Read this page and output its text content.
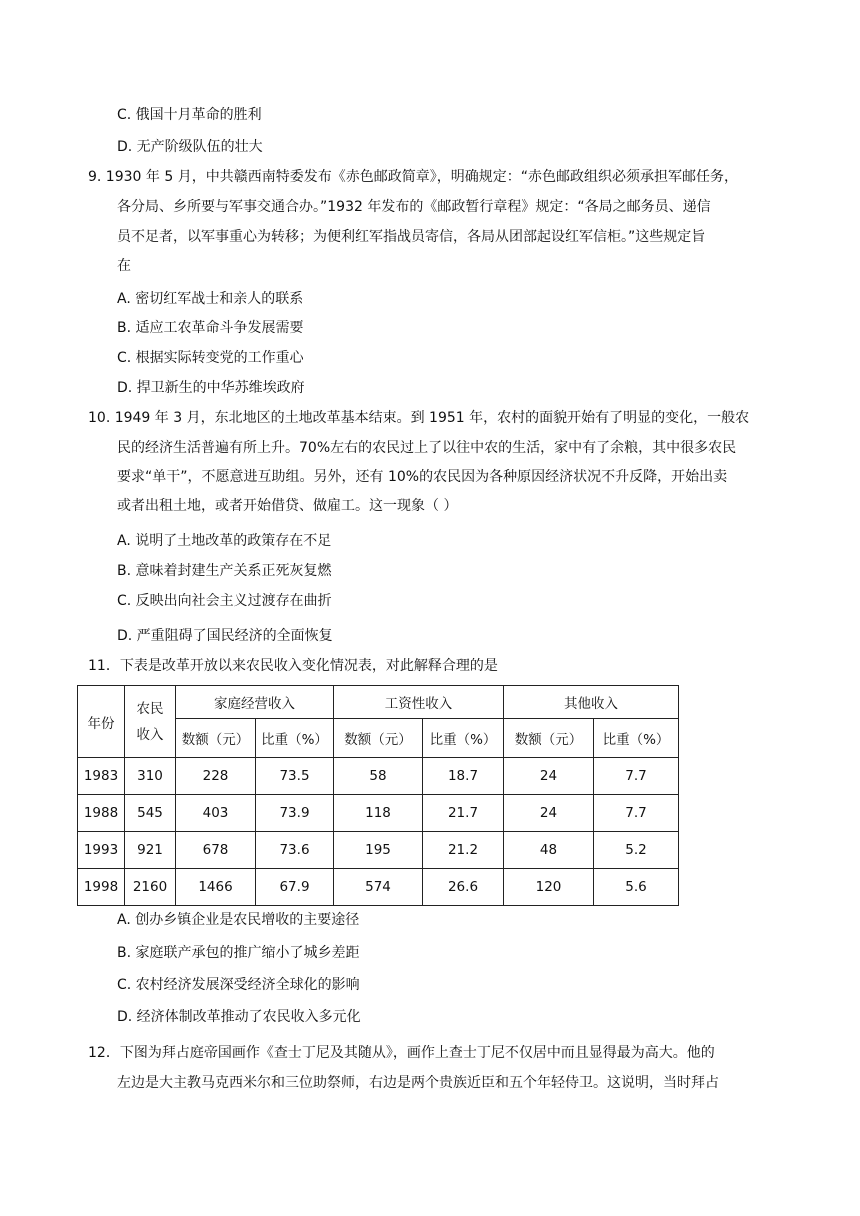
C. 俄国十月革命的胜利
D. 无产阶级队伍的壮大
9. 1930 年 5 月，中共赣西南特委发布《赤色邮政简章》，明确规定：“赤色邮政组织必须承担军邮任务，
各分局、乡所要与军事交通合办。”1932 年发布的《邮政暂行章程》规定：“各局之邮务员、递信
员不足者，以军事重心为转移；为便利红军指战员寄信，各局从团部起设红军信柜。”这些规定旨
在
A. 密切红军战士和亲人的联系
B. 适应工农革命斗争发展需要
C. 根据实际转变党的工作重心
D. 捍卫新生的中华苏维埃政府
10. 1949 年 3 月，东北地区的土地改革基本结束。到 1951 年，农村的面貌开始有了明显的变化，一般农
民的经济生活普遍有所上升。70%左右的农民过上了以往中农的生活，家中有了余粮，其中很多农民
要求“单干”，不愿意进互助组。另外，还有 10%的农民因为各种原因经济状况不升反降，开始出卖
或者出租土地，或者开始借贷、做雇工。这一现象（ ）
A. 说明了土地改革的政策存在不足
B. 意味着封建生产关系正死灰复燃
C. 反映出向社会主义过渡存在曲折
D. 严重阻碍了国民经济的全面恢复
11．下表是改革开放以来农民收入变化情况表，对此解释合理的是
年份	农民
收入	家庭经营收入		工资性收入		其他收入	
		数额（元）	比重（%）	数额（元）	比重（%）	数额（元）	比重（%）
1983	310	228	73.5	58	18.7	24	7.7
1988	545	403	73.9	118	21.7	24	7.7
1993	921	678	73.6	195	21.2	48	5.2
1998	2160	1466	67.9	574	26.6	120	5.6
A. 创办乡镇企业是农民增收的主要途径
B. 家庭联产承包的推广缩小了城乡差距
C. 农村经济发展深受经济全球化的影响
D. 经济体制改革推动了农民收入多元化
12．下图为拜占庭帝国画作《查士丁尼及其随从》，画作上查士丁尼不仅居中而且显得最为高大。他的
左边是大主教马克西米尔和三位助祭师，右边是两个贵族近臣和五个年轻侍卫。这说明，当时拜占
